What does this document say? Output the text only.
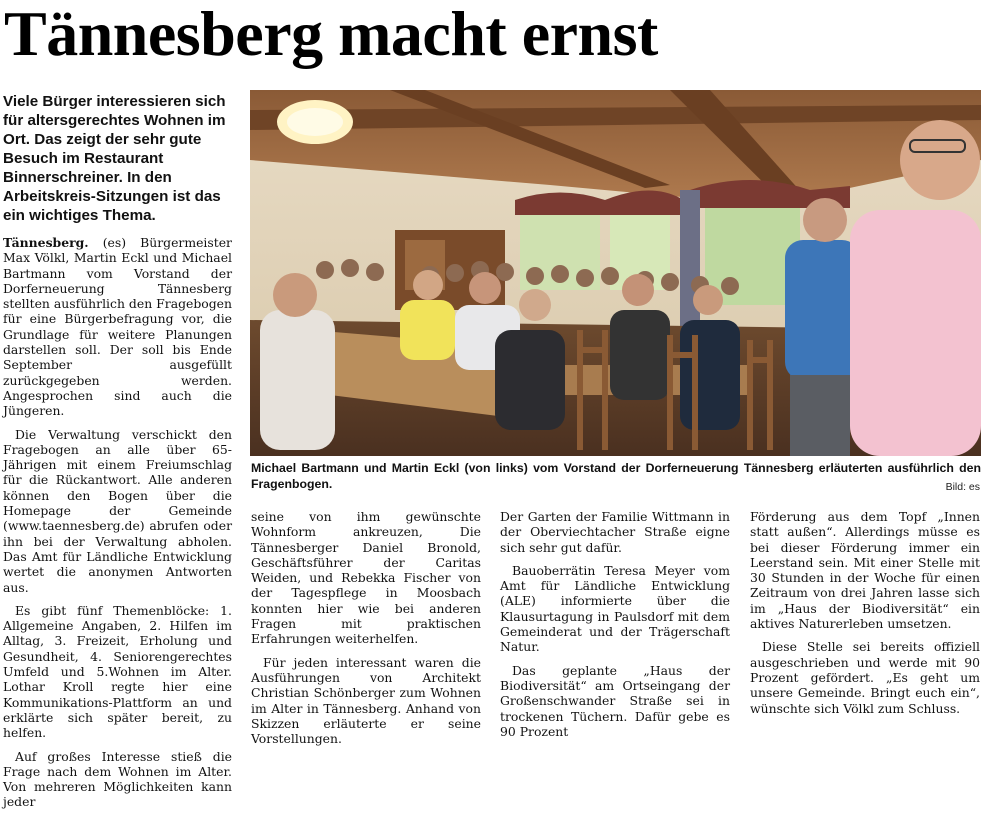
Tännesberg macht ernst
Viele Bürger interessieren sich für altersgerechtes Wohnen im Ort. Das zeigt der sehr gute Besuch im Restaurant Binnerschreiner. In den Arbeitskreis-Sitzungen ist das ein wichtiges Thema.

Tännesberg. (es) Bürgermeister Max Völkl, Martin Eckl und Michael Bartmann vom Vorstand der Dorferneuerung Tännesberg stellten ausführlich den Fragebogen für eine Bürgerbefragung vor, die Grundlage für weitere Planungen darstellen soll. Der soll bis Ende September ausgefüllt zurückgegeben werden. Angesprochen sind auch die Jüngeren.

Die Verwaltung verschickt den Fragebogen an alle über 65-Jährigen mit einem Freiumschlag für die Rückantwort. Alle anderen können den Bogen über die Homepage der Gemeinde (www.taennesberg.de) abrufen oder ihn bei der Verwaltung abholen. Das Amt für Ländliche Entwicklung wertet die anonymen Antworten aus.

Es gibt fünf Themenblöcke: 1. Allgemeine Angaben, 2. Hilfen im Alltag, 3. Freizeit, Erholung und Gesundheit, 4. Seniorengerechtes Umfeld und 5.Wohnen im Alter. Lothar Kroll regte hier eine Kommunikations-Plattform an und erklärte sich später bereit, zu helfen.

Auf großes Interesse stieß die Frage nach dem Wohnen im Alter. Von mehreren Möglichkeiten kann jeder

Michael Bartmann und Martin Eckl (von links) vom Vorstand der Dorferneuerung Tännesberg erläuterten ausführlich den Fragenbogen.	Bild: es

seine von ihm gewünschte Wohnform ankreuzen, Die Tännesberger Daniel Bronold, Geschäftsführer der Caritas Weiden, und Rebekka Fischer von der Tagespflege in Moosbach konnten hier wie bei anderen Fragen mit praktischen Erfahrungen weiterhelfen.

Für jeden interessant waren die Ausführungen von Architekt Christian Schönberger zum Wohnen im Alter in Tännesberg. Anhand von Skizzen erläuterte er seine Vorstellungen.

Der Garten der Familie Wittmann in der Oberviechtacher Straße eigne sich sehr gut dafür.

Bauoberrätin Teresa Meyer vom Amt für Ländliche Entwicklung (ALE) informierte über die Klausurtagung in Paulsdorf mit dem Gemeinderat und der Trägerschaft Natur.

Das geplante „Haus der Biodiversität“ am Ortseingang der Großenschwander Straße sei in trockenen Tüchern. Dafür gebe es 90 Prozent

Förderung aus dem Topf „Innen statt außen“. Allerdings müsse es bei dieser Förderung immer ein Leerstand sein. Mit einer Stelle mit 30 Stunden in der Woche für einen Zeitraum von drei Jahren lasse sich im „Haus der Biodiversität“ ein aktives Naturerleben umsetzen.

Diese Stelle sei bereits offiziell ausgeschrieben und werde mit 90 Prozent gefördert. „Es geht um unsere Gemeinde. Bringt euch ein“, wünschte sich Völkl zum Schluss.
